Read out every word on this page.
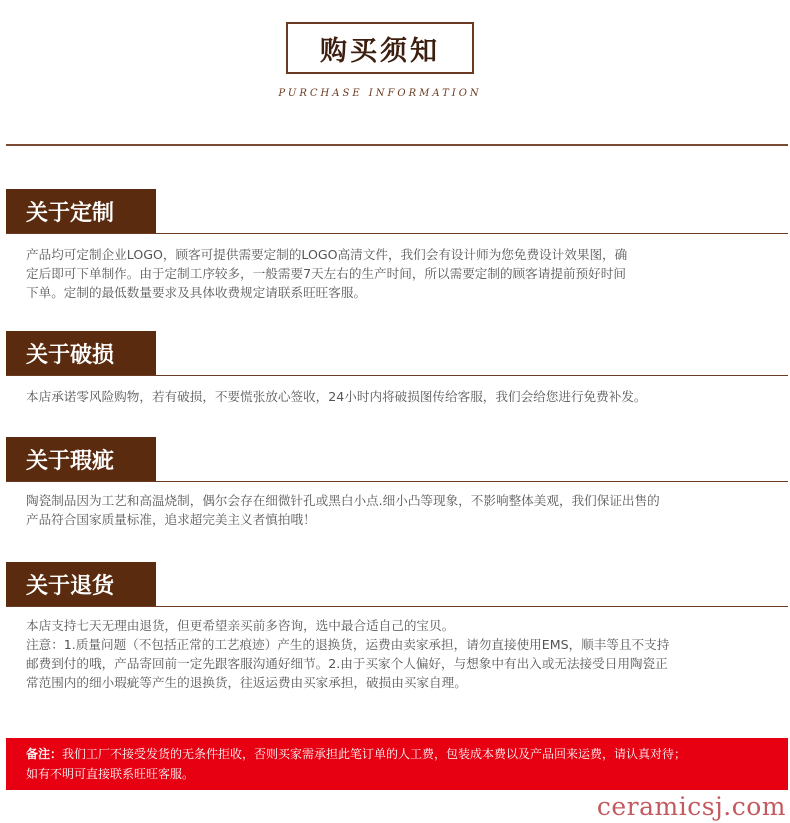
购买须知
PURCHASE INFORMATION
关于定制
产品均可定制企业LOGO，顾客可提供需要定制的LOGO高清文件，我们会有设计师为您免费设计效果图，确
定后即可下单制作。由于定制工序较多，一般需要7天左右的生产时间，所以需要定制的顾客请提前预好时间
下单。定制的最低数量要求及具体收费规定请联系旺旺客服。
关于破损
本店承诺零风险购物，若有破损，不要慌张放心签收，24小时内将破损图传给客服，我们会给您进行免费补发。
关于瑕疵
陶瓷制品因为工艺和高温烧制，偶尔会存在细微针孔或黑白小点.细小凸等现象，不影响整体美观，我们保证出售的
产品符合国家质量标准，追求超完美主义者慎拍哦！
关于退货
本店支持七天无理由退货，但更希望亲买前多咨询，选中最合适自己的宝贝。
注意：1.质量问题（不包括正常的工艺痕迹）产生的退换货，运费由卖家承担，请勿直接使用EMS，顺丰等且不支持
邮费到付的哦，产品寄回前一定先跟客服沟通好细节。2.由于买家个人偏好，与想象中有出入或无法接受日用陶瓷正
常范围内的细小瑕疵等产生的退换货，往返运费由买家承担，破损由买家自理。
备注：我们工厂不接受发货的无条件拒收，否则买家需承担此笔订单的人工费，包装成本费以及产品回来运费，请认真对待；
如有不明可直接联系旺旺客服。
ceramicsj.com
